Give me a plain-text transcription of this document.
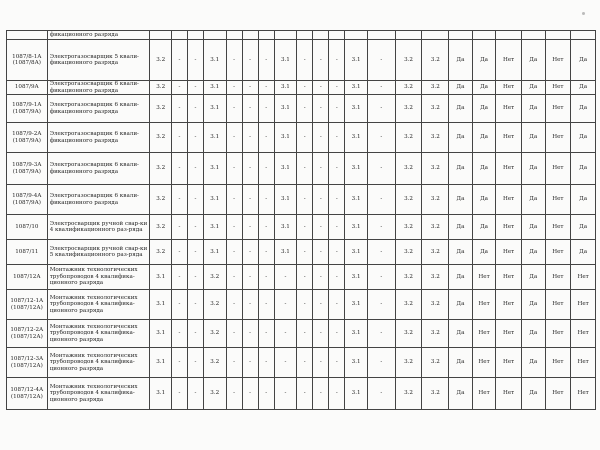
	фикационного разряда																					
1087/8-1А (1087/8А)	Электрогазосварщик 5 квали-фикационного разряда	3.2	-	-	3.1	-	-	-	3.1	-	-	-	3.1	-	3.2	3.2	Да	Да	Нет	Да	Нет	Да
1087/9А	Электрогазосварщик 6 квали-фикационного разряда	3.2	-	-	3.1	-	-	-	3.1	-	-	-	3.1	-	3.2	3.2	Да	Да	Нет	Да	Нет	Да
1087/9-1А (1087/9А)	Электрогазосварщик 6 квали-фикационного разряда	3.2	-	-	3.1	-	-	-	3.1	-	-	-	3.1	-	3.2	3.2	Да	Да	Нет	Да	Нет	Да
1087/9-2А (1087/9А)	Электрогазосварщик 6 квали-фикационного разряда	3.2	-	-	3.1	-	-	-	3.1	-	-	-	3.1	-	3.2	3.2	Да	Да	Нет	Да	Нет	Да
1087/9-3А (1087/9А)	Электрогазосварщик 6 квали-фикационного разряда	3.2	-	-	3.1	-	-	-	3.1	-	-	-	3.1	-	3.2	3.2	Да	Да	Нет	Да	Нет	Да
1087/9-4А (1087/9А)	Электрогазосварщик 6 квали-фикационного разряда	3.2	-	-	3.1	-	-	-	3.1	-	-	-	3.1	-	3.2	3.2	Да	Да	Нет	Да	Нет	Да
1087/10	Электросварщик ручной свар-ки 4 квалификационного раз-ряда	3.2	-	-	3.1	-	-	-	3.1	-	-	-	3.1	-	3.2	3.2	Да	Да	Нет	Да	Нет	Да
1087/11	Электросварщик ручной свар-ки 5 квалификационного раз-ряда	3.2	-	-	3.1	-	-	-	3.1	-	-	-	3.1	-	3.2	3.2	Да	Да	Нет	Да	Нет	Да
1087/12А	Монтажник технологических трубопроводов 4 квалифика-ционного разряда	3.1	-	-	3.2	-	-	-	-	-	-	-	3.1	-	3.2	3.2	Да	Нет	Нет	Да	Нет	Нет
1087/12-1А (1087/12А)	Монтажник технологических трубопроводов 4 квалифика-ционного разряда	3.1	-	-	3.2	-	-	-	-	-	-	-	3.1	-	3.2	3.2	Да	Нет	Нет	Да	Нет	Нет
1087/12-2А (1087/12А)	Монтажник технологических трубопроводов 4 квалифика-ционного разряда	3.1	-	-	3.2	-	-	-	-	-	-	-	3.1	-	3.2	3.2	Да	Нет	Нет	Да	Нет	Нет
1087/12-3А (1087/12А)	Монтажник технологических трубопроводов 4 квалифика-ционного разряда	3.1	-	-	3.2	-	-	-	-	-	-	-	3.1	-	3.2	3.2	Да	Нет	Нет	Да	Нет	Нет
1087/12-4А (1087/12А)	Монтажник технологических трубопроводов 4 квалифика-ционного разряда	3.1	-	-	3.2	-	-	-	-	-	-	-	3.1	-	3.2	3.2	Да	Нет	Нет	Да	Нет	Нет
